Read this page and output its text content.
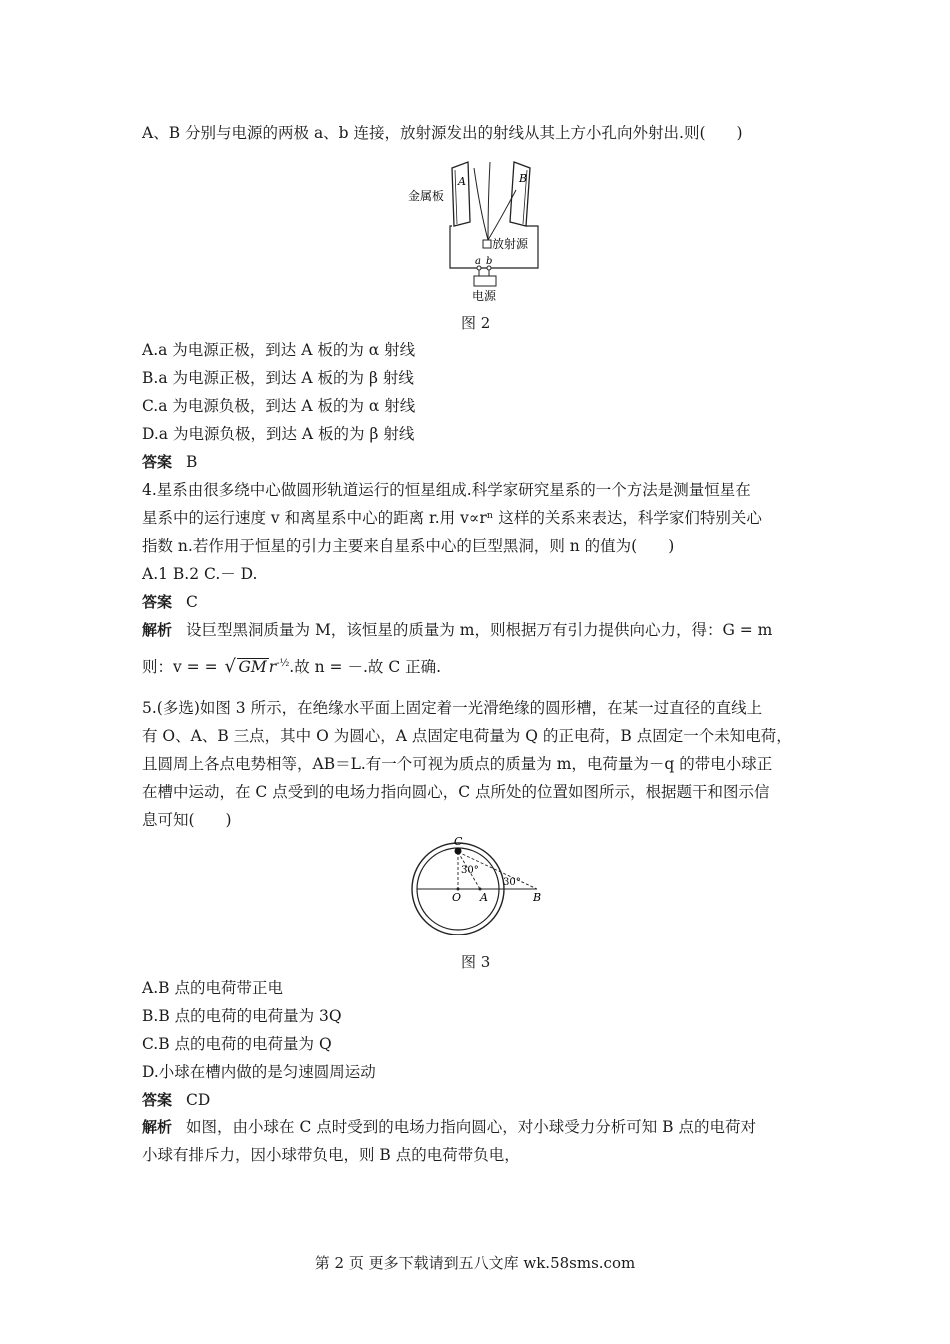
A、B 分别与电源的两极 a、b 连接，放射源发出的射线从其上方小孔向外射出.则(　　)
金属板
A	B
放射源
a b
电源
图 2
A.a 为电源正极，到达 A 板的为 α 射线
B.a 为电源正极，到达 A 板的为 β 射线
C.a 为电源负极，到达 A 板的为 α 射线
D.a 为电源负极，到达 A 板的为 β 射线
答案 B
4.星系由很多绕中心做圆形轨道运行的恒星组成.科学家研究星系的一个方法是测量恒星在
星系中的运行速度 v 和离星系中心的距离 r.用 v∝rⁿ 这样的关系来表达，科学家们特别关心
指数 n.若作用于恒星的引力主要来自星系中心的巨型黑洞，则 n 的值为(　　)
A.1 B.2 C.－ D.
答案 C
解析 设巨型黑洞质量为 M，该恒星的质量为 m，则根据万有引力提供向心力，得：G = m
则：v = = √ GM $r^{-\frac{1}{2}}$.故 n = －.故 C 正确.
5.(多选)如图 3 所示，在绝缘水平面上固定着一光滑绝缘的圆形槽，在某一过直径的直线上
有 O、A、B 三点，其中 O 为圆心，A 点固定电荷量为 Q 的正电荷，B 点固定一个未知电荷，
且圆周上各点电势相等，AB＝L.有一个可视为质点的质量为 m，电荷量为－q 的带电小球正
在槽中运动，在 C 点受到的电场力指向圆心，C 点所处的位置如图所示，根据题干和图示信
息可知(　　)
C
O A	B
30°
30°
图 3
A.B 点的电荷带正电
B.B 点的电荷的电荷量为 3Q
C.B 点的电荷的电荷量为 Q
D.小球在槽内做的是匀速圆周运动
答案 CD
解析 如图，由小球在 C 点时受到的电场力指向圆心，对小球受力分析可知 B 点的电荷对
小球有排斥力，因小球带负电，则 B 点的电荷带负电，
第 2 页 更多下载请到五八文库 wk.58sms.com
